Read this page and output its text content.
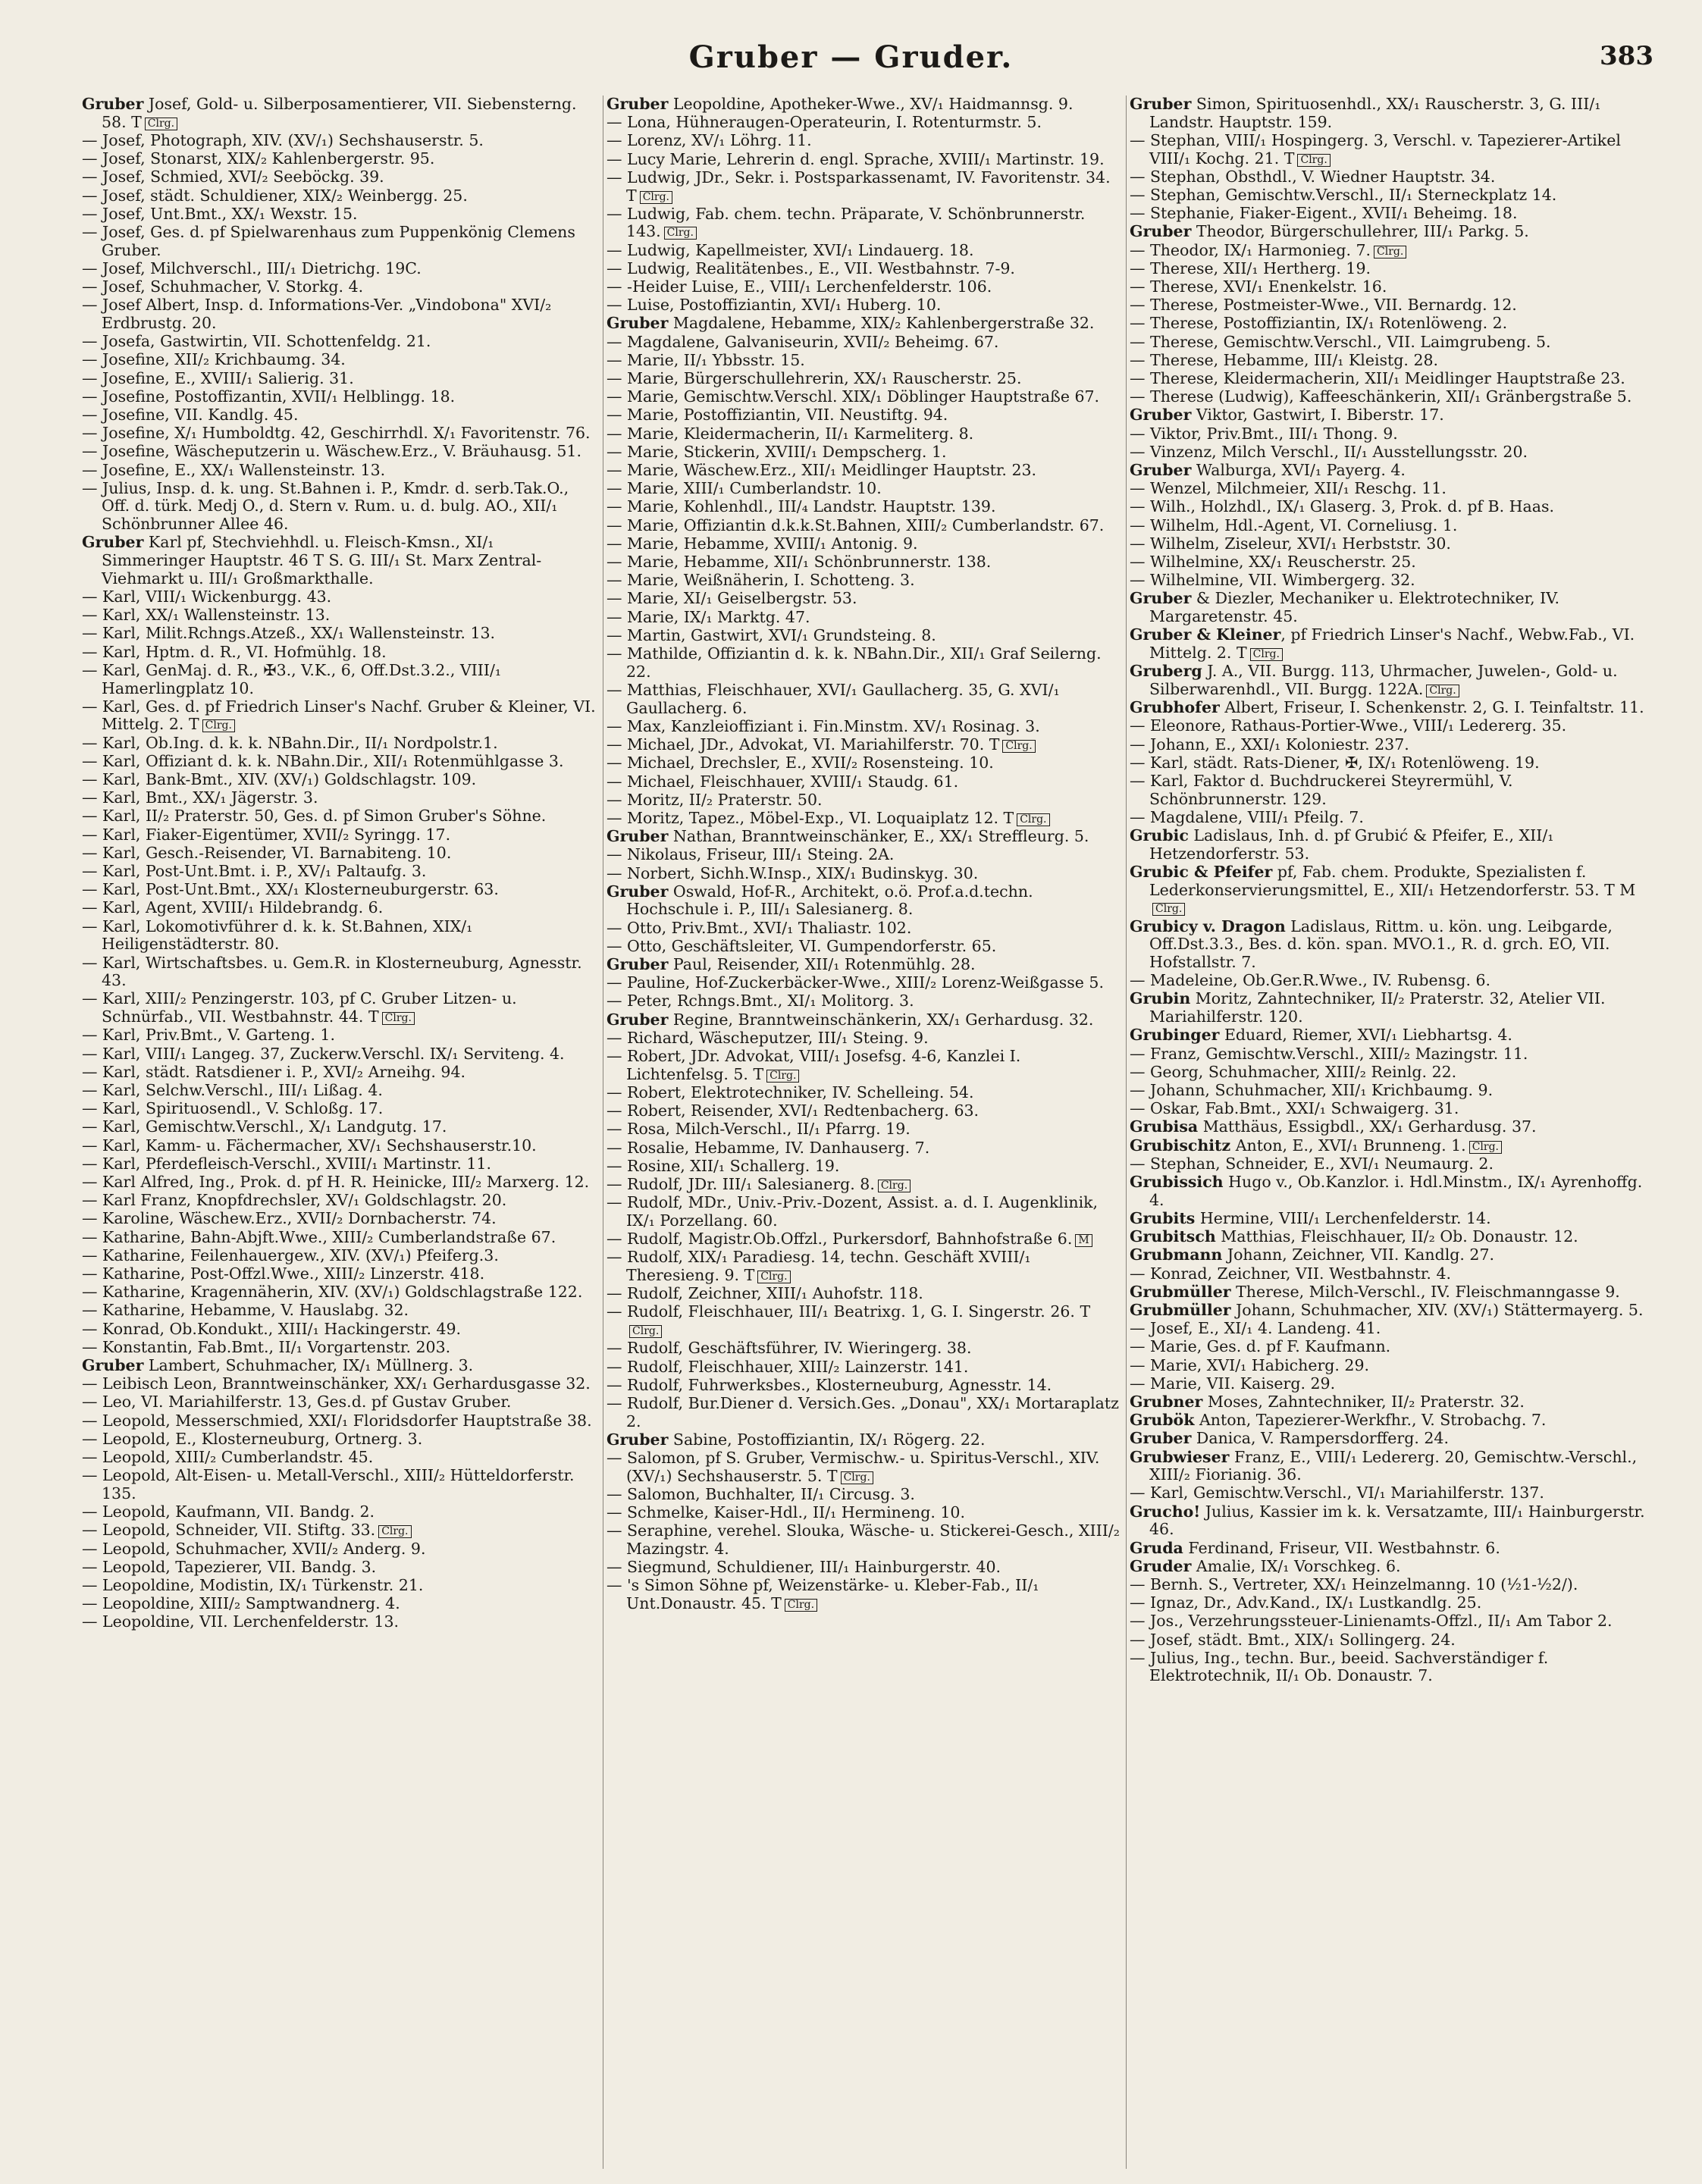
Gruber — Gruder.	383
Gruber Josef, Gold- u. Silberposamentierer, VII. Siebensterng. 58. T Clrg.
— Josef, Photograph, XIV. (XV/₁) Sechshauserstr. 5.
— Josef, Stonarst, XIX/₂ Kahlenbergerstr. 95.
— Josef, Schmied, XVI/₂ Seeböckg. 39.
— Josef, städt. Schuldiener, XIX/₂ Weinbergg. 25.
— Josef, Unt.Bmt., XX/₁ Wexstr. 15.
— Josef, Ges. d. pf Spielwarenhaus zum Puppenkönig Clemens Gruber.
— Josef, Milchverschl., III/₁ Dietrichg. 19C.
— Josef, Schuhmacher, V. Storkg. 4.
— Josef Albert, Insp. d. Informations-Ver. „Vindobona" XVI/₂ Erdbrustg. 20.
— Josefa, Gastwirtin, VII. Schottenfeldg. 21.
— Josefine, XII/₂ Krichbaumg. 34.
— Josefine, E., XVIII/₁ Salierig. 31.
— Josefine, Postoffizantin, XVII/₁ Helblingg. 18.
— Josefine, VII. Kandlg. 45.
— Josefine, X/₁ Humboldtg. 42, Geschirrhdl. X/₁ Favoritenstr. 76.
— Josefine, Wäscheputzerin u. Wäschew.Erz., V. Bräuhausg. 51.
— Josefine, E., XX/₁ Wallensteinstr. 13.
— Julius, Insp. d. k. ung. St.Bahnen i. P., Kmdr. d. serb.Tak.O., Off. d. türk. Medj O., d. Stern v. Rum. u. d. bulg. AO., XII/₁ Schönbrunner Allee 46.
Gruber Karl pf, Stechviehhdl. u. Fleisch-Kmsn., XI/₁ Simmeringer Hauptstr. 46 T S. G. III/₁ St. Marx Zentral-Viehmarkt u. III/₁ Großmarkthalle.
— Karl, VIII/₁ Wickenburgg. 43.
— Karl, XX/₁ Wallensteinstr. 13.
— Karl, Milit.Rchngs.Atzeß., XX/₁ Wallensteinstr. 13.
— Karl, Hptm. d. R., VI. Hofmühlg. 18.
— Karl, GenMaj. d. R., ✠3., V.K., 6, Off.Dst.3.2., VIII/₁ Hamerlingplatz 10.
— Karl, Ges. d. pf Friedrich Linser's Nachf. Gruber & Kleiner, VI. Mittelg. 2. T Clrg.
— Karl, Ob.Ing. d. k. k. NBahn.Dir., II/₁ Nordpolstr.1.
— Karl, Offiziant d. k. k. NBahn.Dir., XII/₁ Rotenmühlgasse 3.
— Karl, Bank-Bmt., XIV. (XV/₁) Goldschlagstr. 109.
— Karl, Bmt., XX/₁ Jägerstr. 3.
— Karl, II/₂ Praterstr. 50, Ges. d. pf Simon Gruber's Söhne.
— Karl, Fiaker-Eigentümer, XVII/₂ Syringg. 17.
— Karl, Gesch.-Reisender, VI. Barnabiteng. 10.
— Karl, Post-Unt.Bmt. i. P., XV/₁ Paltaufg. 3.
— Karl, Post-Unt.Bmt., XX/₁ Klosterneuburgerstr. 63.
— Karl, Agent, XVIII/₁ Hildebrandg. 6.
— Karl, Lokomotivführer d. k. k. St.Bahnen, XIX/₁ Heiligenstädterstr. 80.
— Karl, Wirtschaftsbes. u. Gem.R. in Klosterneuburg, Agnesstr. 43.
— Karl, XIII/₂ Penzingerstr. 103, pf C. Gruber Litzen- u. Schnürfab., VII. Westbahnstr. 44. T Clrg.
— Karl, Priv.Bmt., V. Garteng. 1.
— Karl, VIII/₁ Langeg. 37, Zuckerw.Verschl. IX/₁ Serviteng. 4.
— Karl, städt. Ratsdiener i. P., XVI/₂ Arneihg. 94.
— Karl, Selchw.Verschl., III/₁ Lißag. 4.
— Karl, Spirituosendl., V. Schloßg. 17.
— Karl, Gemischtw.Verschl., X/₁ Landgutg. 17.
— Karl, Kamm- u. Fächermacher, XV/₁ Sechshauserstr.10.
— Karl, Pferdefleisch-Verschl., XVIII/₁ Martinstr. 11.
— Karl Alfred, Ing., Prok. d. pf H. R. Heinicke, III/₂ Marxerg. 12.
— Karl Franz, Knopfdrechsler, XV/₁ Goldschlagstr. 20.
— Karoline, Wäschew.Erz., XVII/₂ Dornbacherstr. 74.
— Katharine, Bahn-Abjft.Wwe., XIII/₂ Cumberlandstraße 67.
— Katharine, Feilenhauergew., XIV. (XV/₁) Pfeiferg.3.
— Katharine, Post-Offzl.Wwe., XIII/₂ Linzerstr. 418.
— Katharine, Kragennäherin, XIV. (XV/₁) Goldschlagstraße 122.
— Katharine, Hebamme, V. Hauslabg. 32.
— Konrad, Ob.Kondukt., XIII/₁ Hackingerstr. 49.
— Konstantin, Fab.Bmt., II/₁ Vorgartenstr. 203.
Gruber Lambert, Schuhmacher, IX/₁ Müllnerg. 3.
— Leibisch Leon, Branntweinschänker, XX/₁ Gerhardusgasse 32.
— Leo, VI. Mariahilferstr. 13, Ges.d. pf Gustav Gruber.
— Leopold, Messerschmied, XXI/₁ Floridsdorfer Hauptstraße 38.
— Leopold, E., Klosterneuburg, Ortnerg. 3.
— Leopold, XIII/₂ Cumberlandstr. 45.
— Leopold, Alt-Eisen- u. Metall-Verschl., XIII/₂ Hütteldorferstr. 135.
— Leopold, Kaufmann, VII. Bandg. 2.
— Leopold, Schneider, VII. Stiftg. 33. Clrg.
— Leopold, Schuhmacher, XVII/₂ Anderg. 9.
— Leopold, Tapezierer, VII. Bandg. 3.
— Leopoldine, Modistin, IX/₁ Türkenstr. 21.
— Leopoldine, XIII/₂ Samptwandnerg. 4.
— Leopoldine, VII. Lerchenfelderstr. 13.
Gruber Leopoldine, Apotheker-Wwe., XV/₁ Haidmannsg. 9.
— Lona, Hühneraugen-Operateurin, I. Rotenturmstr. 5.
— Lorenz, XV/₁ Löhrg. 11.
— Lucy Marie, Lehrerin d. engl. Sprache, XVIII/₁ Martinstr. 19.
— Ludwig, JDr., Sekr. i. Postsparkassenamt, IV. Favoritenstr. 34. T Clrg.
— Ludwig, Fab. chem. techn. Präparate, V. Schönbrunnerstr. 143. Clrg.
— Ludwig, Kapellmeister, XVI/₁ Lindauerg. 18.
— Ludwig, Realitätenbes., E., VII. Westbahnstr. 7-9.
— -Heider Luise, E., VIII/₁ Lerchenfelderstr. 106.
— Luise, Postoffiziantin, XVI/₁ Huberg. 10.
Gruber Magdalene, Hebamme, XIX/₂ Kahlenbergerstraße 32.
— Magdalene, Galvaniseurin, XVII/₂ Beheimg. 67.
— Marie, II/₁ Ybbsstr. 15.
— Marie, Bürgerschullehrerin, XX/₁ Rauscherstr. 25.
— Marie, Gemischtw.Verschl. XIX/₁ Döblinger Hauptstraße 67.
— Marie, Postoffiziantin, VII. Neustiftg. 94.
— Marie, Kleidermacherin, II/₁ Karmeliterg. 8.
— Marie, Stickerin, XVIII/₁ Dempscherg. 1.
— Marie, Wäschew.Erz., XII/₁ Meidlinger Hauptstr. 23.
— Marie, XIII/₁ Cumberlandstr. 10.
— Marie, Kohlenhdl., III/₄ Landstr. Hauptstr. 139.
— Marie, Offiziantin d.k.k.St.Bahnen, XIII/₂ Cumberlandstr. 67.
— Marie, Hebamme, XVIII/₁ Antonig. 9.
— Marie, Hebamme, XII/₁ Schönbrunnerstr. 138.
— Marie, Weißnäherin, I. Schotteng. 3.
— Marie, XI/₁ Geiselbergstr. 53.
— Marie, IX/₁ Marktg. 47.
— Martin, Gastwirt, XVI/₁ Grundsteing. 8.
— Mathilde, Offiziantin d. k. k. NBahn.Dir., XII/₁ Graf Seilerng. 22.
— Matthias, Fleischhauer, XVI/₁ Gaullacherg. 35, G. XVI/₁ Gaullacherg. 6.
— Max, Kanzleioffiziant i. Fin.Minstm. XV/₁ Rosinag. 3.
— Michael, JDr., Advokat, VI. Mariahilferstr. 70. T Clrg.
— Michael, Drechsler, E., XVII/₂ Rosensteing. 10.
— Michael, Fleischhauer, XVIII/₁ Staudg. 61.
— Moritz, II/₂ Praterstr. 50.
— Moritz, Tapez., Möbel-Exp., VI. Loquaiplatz 12. T Clrg.
Gruber Nathan, Branntweinschänker, E., XX/₁ Streffleurg. 5.
— Nikolaus, Friseur, III/₁ Steing. 2A.
— Norbert, Sichh.W.Insp., XIX/₁ Budinskyg. 30.
Gruber Oswald, Hof-R., Architekt, o.ö. Prof.a.d.techn. Hochschule i. P., III/₁ Salesianerg. 8.
— Otto, Priv.Bmt., XVI/₁ Thaliastr. 102.
— Otto, Geschäftsleiter, VI. Gumpendorferstr. 65.
Gruber Paul, Reisender, XII/₁ Rotenmühlg. 28.
— Pauline, Hof-Zuckerbäcker-Wwe., XIII/₂ Lorenz-Weißgasse 5.
— Peter, Rchngs.Bmt., XI/₁ Molitorg. 3.
Gruber Regine, Branntweinschänkerin, XX/₁ Gerhardusg. 32.
— Richard, Wäscheputzer, III/₁ Steing. 9.
— Robert, JDr. Advokat, VIII/₁ Josefsg. 4-6, Kanzlei I. Lichtenfelsg. 5. T Clrg.
— Robert, Elektrotechniker, IV. Schelleing. 54.
— Robert, Reisender, XVI/₁ Redtenbacherg. 63.
— Rosa, Milch-Verschl., II/₁ Pfarrg. 19.
— Rosalie, Hebamme, IV. Danhauserg. 7.
— Rosine, XII/₁ Schallerg. 19.
— Rudolf, JDr. III/₁ Salesianerg. 8. Clrg.
— Rudolf, MDr., Univ.-Priv.-Dozent, Assist. a. d. I. Augenklinik, IX/₁ Porzellang. 60.
— Rudolf, Magistr.Ob.Offzl., Purkersdorf, Bahnhofstraße 6. M
— Rudolf, XIX/₁ Paradiesg. 14, techn. Geschäft XVIII/₁ Theresieng. 9. T Clrg.
— Rudolf, Zeichner, XIII/₁ Auhofstr. 118.
— Rudolf, Fleischhauer, III/₁ Beatrixg. 1, G. I. Singerstr. 26. TClrg.
— Rudolf, Geschäftsführer, IV. Wieringerg. 38.
— Rudolf, Fleischhauer, XIII/₂ Lainzerstr. 141.
— Rudolf, Fuhrwerksbes., Klosterneuburg, Agnesstr. 14.
— Rudolf, Bur.Diener d. Versich.Ges. „Donau", XX/₁ Mortaraplatz 2.
Gruber Sabine, Postoffiziantin, IX/₁ Rögerg. 22.
— Salomon, pf S. Gruber, Vermischw.- u. Spiritus-Verschl., XIV. (XV/₁) Sechshauserstr. 5. T Clrg.
— Salomon, Buchhalter, II/₁ Circusg. 3.
— Schmelke, Kaiser-Hdl., II/₁ Hermineng. 10.
— Seraphine, verehel. Slouka, Wäsche- u. Stickerei-Gesch., XIII/₂ Mazingstr. 4.
— Siegmund, Schuldiener, III/₁ Hainburgerstr. 40.
— 's Simon Söhne pf, Weizenstärke- u. Kleber-Fab., II/₁ Unt.Donaustr. 45. T Clrg.
Gruber Simon, Spirituosenhdl., XX/₁ Rauscherstr. 3, G. III/₁ Landstr. Hauptstr. 159.
— Stephan, VIII/₁ Hospingerg. 3, Verschl. v. Tapezierer-Artikel VIII/₁ Kochg. 21. T Clrg.
— Stephan, Obsthdl., V. Wiedner Hauptstr. 34.
— Stephan, Gemischtw.Verschl., II/₁ Sterneckplatz 14.
— Stephanie, Fiaker-Eigent., XVII/₁ Beheimg. 18.
Gruber Theodor, Bürgerschullehrer, III/₁ Parkg. 5.
— Theodor, IX/₁ Harmonieg. 7. Clrg.
— Therese, XII/₁ Hertherg. 19.
— Therese, XVI/₁ Enenkelstr. 16.
— Therese, Postmeister-Wwe., VII. Bernardg. 12.
— Therese, Postoffiziantin, IX/₁ Rotenlöweng. 2.
— Therese, Gemischtw.Verschl., VII. Laimgrubeng. 5.
— Therese, Hebamme, III/₁ Kleistg. 28.
— Therese, Kleidermacherin, XII/₁ Meidlinger Hauptstraße 23.
— Therese (Ludwig), Kaffeeschänkerin, XII/₁ Gränbergstraße 5.
Gruber Viktor, Gastwirt, I. Biberstr. 17.
— Viktor, Priv.Bmt., III/₁ Thong. 9.
— Vinzenz, Milch Verschl., II/₁ Ausstellungsstr. 20.
Gruber Walburga, XVI/₁ Payerg. 4.
— Wenzel, Milchmeier, XII/₁ Reschg. 11.
— Wilh., Holzhdl., IX/₁ Glaserg. 3, Prok. d. pf B. Haas.
— Wilhelm, Hdl.-Agent, VI. Corneliusg. 1.
— Wilhelm, Ziseleur, XVI/₁ Herbststr. 30.
— Wilhelmine, XX/₁ Reuscherstr. 25.
— Wilhelmine, VII. Wimbergerg. 32.
Gruber & Diezler, Mechaniker u. Elektrotechniker, IV. Margaretenstr. 45.
Gruber & Kleiner, pf Friedrich Linser's Nachf., Webw.Fab., VI. Mittelg. 2. T Clrg.
Gruberg J. A., VII. Burgg. 113, Uhrmacher, Juwelen-, Gold- u. Silberwarenhdl., VII. Burgg. 122A. Clrg.
Grubhofer Albert, Friseur, I. Schenkenstr. 2, G. I. Teinfaltstr. 11.
— Eleonore, Rathaus-Portier-Wwe., VIII/₁ Ledererg. 35.
— Johann, E., XXI/₁ Koloniestr. 237.
— Karl, städt. Rats-Diener, ✠, IX/₁ Rotenlöweng. 19.
— Karl, Faktor d. Buchdruckerei Steyrermühl, V. Schönbrunnerstr. 129.
— Magdalene, VIII/₁ Pfeilg. 7.
Grubic Ladislaus, Inh. d. pf Grubić & Pfeifer, E., XII/₁ Hetzendorferstr. 53.
Grubic & Pfeifer pf, Fab. chem. Produkte, Spezialisten f. Lederkonservierungsmittel, E., XII/₁ Hetzendorferstr. 53. T MClrg.
Grubicy v. Dragon Ladislaus, Rittm. u. kön. ung. Leibgarde, Off.Dst.3.3., Bes. d. kön. span. MVO.1., R. d. grch. EO, VII. Hofstallstr. 7.
— Madeleine, Ob.Ger.R.Wwe., IV. Rubensg. 6.
Grubin Moritz, Zahntechniker, II/₂ Praterstr. 32, Atelier VII. Mariahilferstr. 120.
Grubinger Eduard, Riemer, XVI/₁ Liebhartsg. 4.
— Franz, Gemischtw.Verschl., XIII/₂ Mazingstr. 11.
— Georg, Schuhmacher, XIII/₂ Reinlg. 22.
— Johann, Schuhmacher, XII/₁ Krichbaumg. 9.
— Oskar, Fab.Bmt., XXI/₁ Schwaigerg. 31.
Grubisa Matthäus, Essigbdl., XX/₁ Gerhardusg. 37.
Grubischitz Anton, E., XVI/₁ Brunneng. 1. Clrg.
— Stephan, Schneider, E., XVI/₁ Neumaurg. 2.
Grubissich Hugo v., Ob.Kanzlor. i. Hdl.Minstm., IX/₁ Ayrenhoffg. 4.
Grubits Hermine, VIII/₁ Lerchenfelderstr. 14.
Grubitsch Matthias, Fleischhauer, II/₂ Ob. Donaustr. 12.
Grubmann Johann, Zeichner, VII. Kandlg. 27.
— Konrad, Zeichner, VII. Westbahnstr. 4.
Grubmüller Therese, Milch-Verschl., IV. Fleischmanngasse 9.
Grubmüller Johann, Schuhmacher, XIV. (XV/₁) Stättermayerg. 5.
— Josef, E., XI/₁ 4. Landeng. 41.
— Marie, Ges. d. pf F. Kaufmann.
— Marie, XVI/₁ Habicherg. 29.
— Marie, VII. Kaiserg. 29.
Grubner Moses, Zahntechniker, II/₂ Praterstr. 32.
Grubök Anton, Tapezierer-Werkfhr., V. Strobachg. 7.
Gruber Danica, V. Rampersdorfferg. 24.
Grubwieser Franz, E., VIII/₁ Ledererg. 20, Gemischtw.-Verschl., XIII/₂ Fiorianig. 36.
— Karl, Gemischtw.Verschl., VI/₁ Mariahilferstr. 137.
Grucho! Julius, Kassier im k. k. Versatzamte, III/₁ Hainburgerstr. 46.
Gruda Ferdinand, Friseur, VII. Westbahnstr. 6.
Gruder Amalie, IX/₁ Vorschkeg. 6.
— Bernh. S., Vertreter, XX/₁ Heinzelmanng. 10 (½1-½2/).
— Ignaz, Dr., Adv.Kand., IX/₁ Lustkandlg. 25.
— Jos., Verzehrungssteuer-Linienamts-Offzl., II/₁ Am Tabor 2.
— Josef, städt. Bmt., XIX/₁ Sollingerg. 24.
— Julius, Ing., techn. Bur., beeid. Sachverständiger f. Elektrotechnik, II/₁ Ob. Donaustr. 7.
